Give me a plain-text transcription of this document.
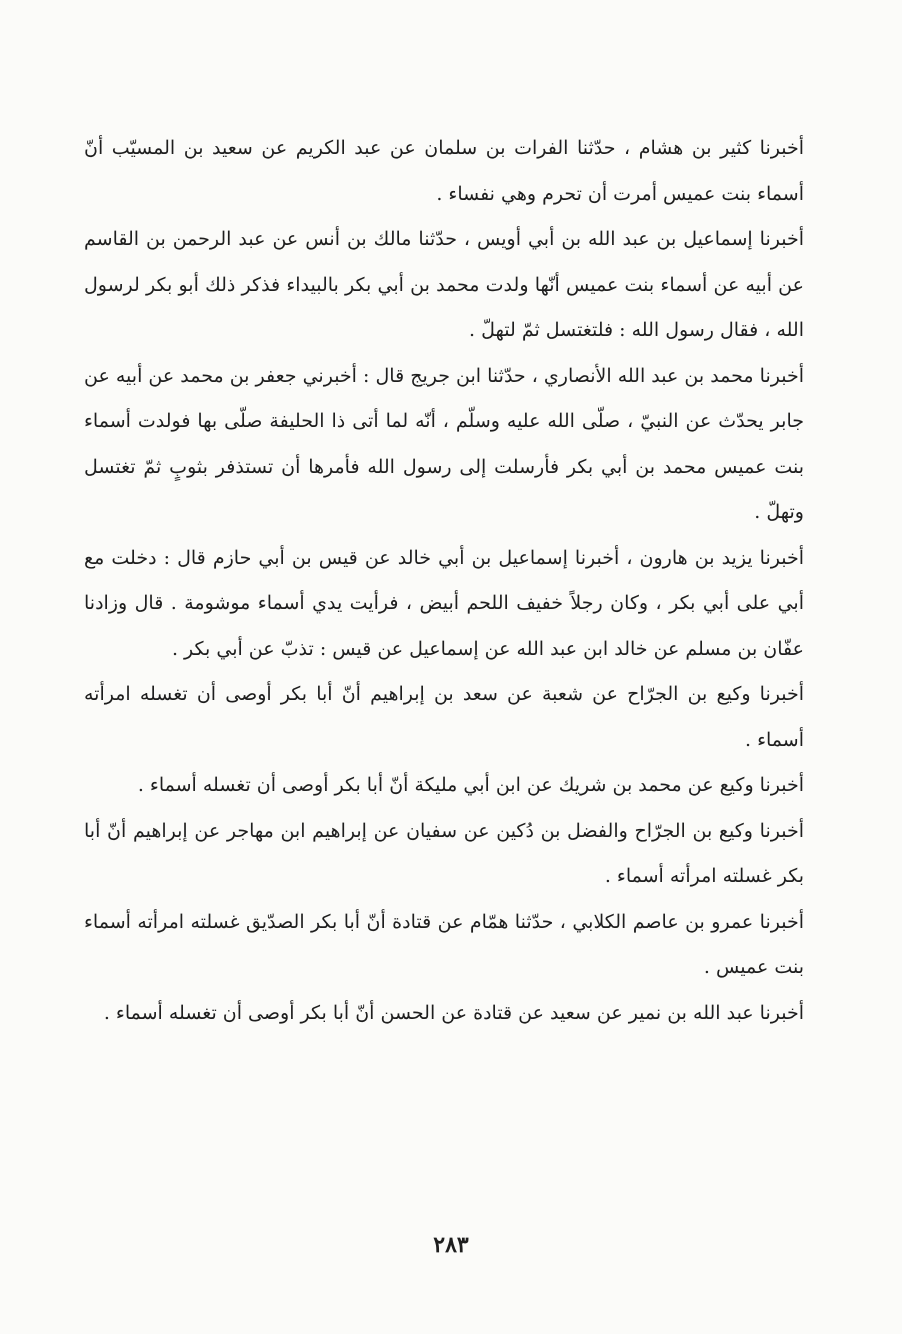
أخبرنا كثير بن هشام ، حدّثنا الفرات بن سلمان عن عبد الكريم عن سعيد بن المسيّب أنّ أسماء بنت عميس أمرت أن تحرم وهي نفساء .

أخبرنا إسماعيل بن عبد الله بن أبي أويس ، حدّثنا مالك بن أنس عن عبد الرحمن بن القاسم عن أبيه عن أسماء بنت عميس أنّها ولدت محمد بن أبي بكر بالبيداء فذكر ذلك أبو بكر لرسول الله ، فقال رسول الله : فلتغتسل ثمّ لتهلّ .

أخبرنا محمد بن عبد الله الأنصاري ، حدّثنا ابن جريج قال : أخبرني جعفر بن محمد عن أبيه عن جابر يحدّث عن النبيّ ، صلّى الله عليه وسلّم ، أنّه لما أتى ذا الحليفة صلّى بها فولدت أسماء بنت عميس محمد بن أبي بكر فأرسلت إلى رسول الله فأمرها أن تستذفر بثوبٍ ثمّ تغتسل وتهلّ .

أخبرنا يزيد بن هارون ، أخبرنا إسماعيل بن أبي خالد عن قيس بن أبي حازم قال : دخلت مع أبي على أبي بكر ، وكان رجلاً خفيف اللحم أبيض ، فرأيت يدي أسماء موشومة . قال وزادنا عفّان بن مسلم عن خالد ابن عبد الله عن إسماعيل عن قيس : تذبّ عن أبي بكر .

أخبرنا وكيع بن الجرّاح عن شعبة عن سعد بن إبراهيم أنّ أبا بكر أوصى أن تغسله امرأته أسماء .

أخبرنا وكيع عن محمد بن شريك عن ابن أبي مليكة أنّ أبا بكر أوصى أن تغسله أسماء .

أخبرنا وكيع بن الجرّاح والفضل بن دُكين عن سفيان عن إبراهيم ابن مهاجر عن إبراهيم أنّ أبا بكر غسلته امرأته أسماء .

أخبرنا عمرو بن عاصم الكلابي ، حدّثنا همّام عن قتادة أنّ أبا بكر الصدّيق غسلته امرأته أسماء بنت عميس .

أخبرنا عبد الله بن نمير عن سعيد عن قتادة عن الحسن أنّ أبا بكر أوصى أن تغسله أسماء .

٢٨٣
